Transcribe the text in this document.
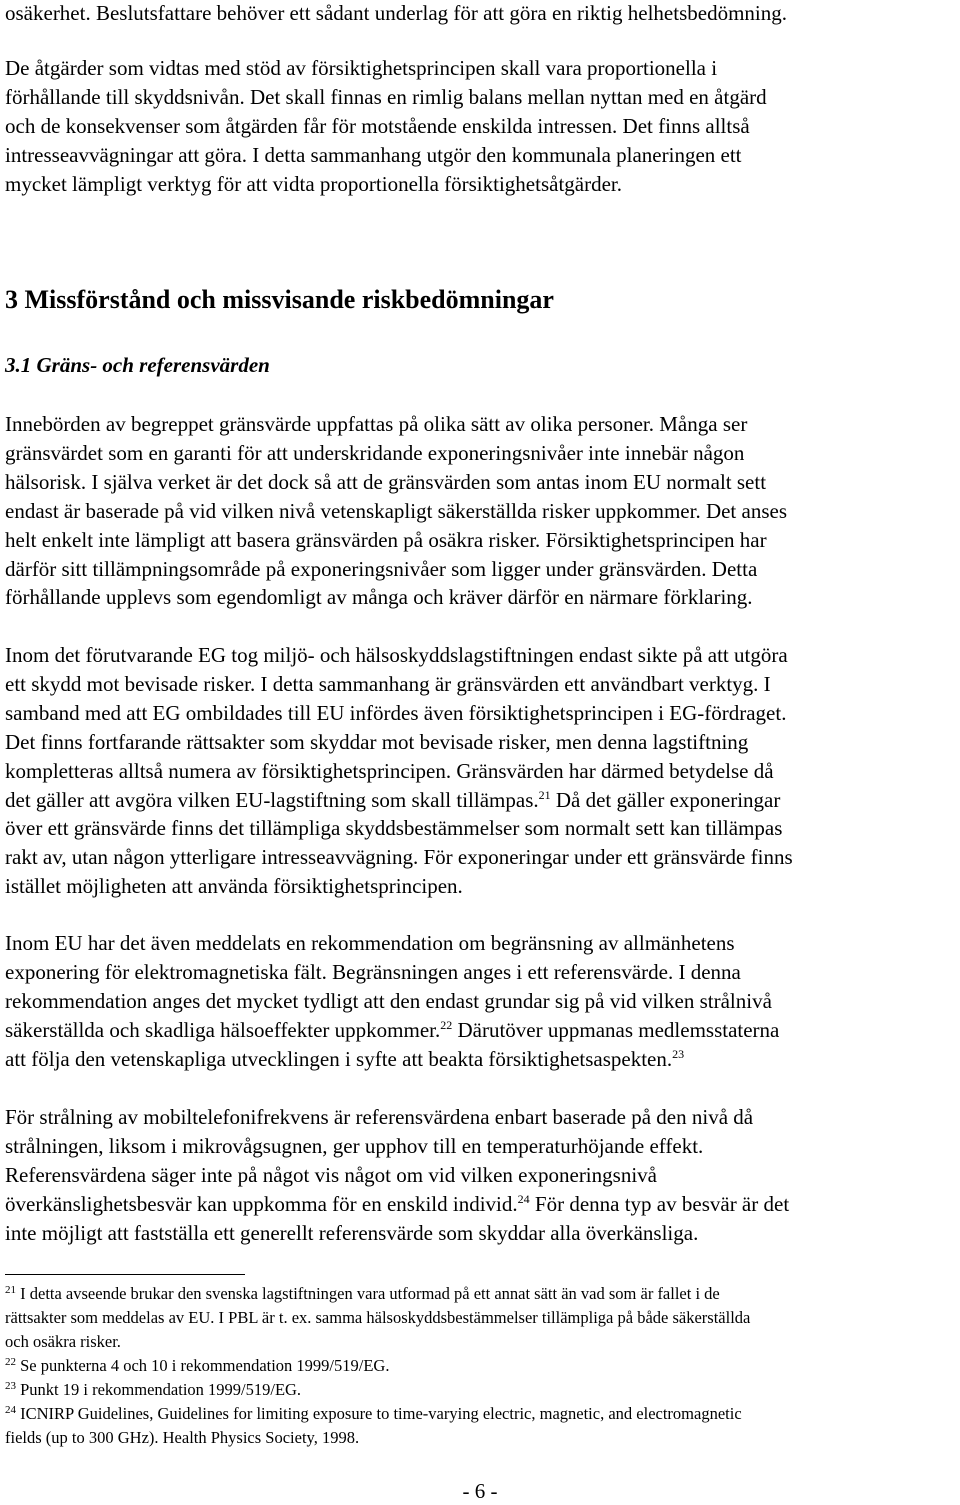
osäkerhet. Beslutsfattare behöver ett sådant underlag för att göra en riktig helhetsbedömning.

De åtgärder som vidtas med stöd av försiktighetsprincipen skall vara proportionella i
förhållande till skyddsnivån. Det skall finnas en rimlig balans mellan nyttan med en åtgärd
och de konsekvenser som åtgärden får för motstående enskilda intressen. Det finns alltså
intresseavvägningar att göra. I detta sammanhang utgör den kommunala planeringen ett
mycket lämpligt verktyg för att vidta proportionella försiktighetsåtgärder.

3 Missförstånd och missvisande riskbedömningar
3.1 Gräns- och referensvärden

Innebörden av begreppet gränsvärde uppfattas på olika sätt av olika personer. Många ser
gränsvärdet som en garanti för att underskridande exponeringsnivåer inte innebär någon
hälsorisk. I själva verket är det dock så att de gränsvärden som antas inom EU normalt sett
endast är baserade på vid vilken nivå vetenskapligt säkerställda risker uppkommer. Det anses
helt enkelt inte lämpligt att basera gränsvärden på osäkra risker. Försiktighetsprincipen har
därför sitt tillämpningsområde på exponeringsnivåer som ligger under gränsvärden. Detta
förhållande upplevs som egendomligt av många och kräver därför en närmare förklaring.

Inom det förutvarande EG tog miljö- och hälsoskyddslagstiftningen endast sikte på att utgöra
ett skydd mot bevisade risker. I detta sammanhang är gränsvärden ett användbart verktyg. I
samband med att EG ombildades till EU infördes även försiktighetsprincipen i EG-fördraget.
Det finns fortfarande rättsakter som skyddar mot bevisade risker, men denna lagstiftning
kompletteras alltså numera av försiktighetsprincipen. Gränsvärden har därmed betydelse då
det gäller att avgöra vilken EU-lagstiftning som skall tillämpas.$^{21}$ Då det gäller exponeringar
över ett gränsvärde finns det tillämpliga skyddsbestämmelser som normalt sett kan tillämpas
rakt av, utan någon ytterligare intresseavvägning. För exponeringar under ett gränsvärde finns
istället möjligheten att använda försiktighetsprincipen.

Inom EU har det även meddelats en rekommendation om begränsning av allmänhetens
exponering för elektromagnetiska fält. Begränsningen anges i ett referensvärde. I denna
rekommendation anges det mycket tydligt att den endast grundar sig på vid vilken strålnivå
säkerställda och skadliga hälsoeffekter uppkommer.$^{22}$ Därutöver uppmanas medlemsstaterna
att följa den vetenskapliga utvecklingen i syfte att beakta försiktighetsaspekten.$^{23}$

För strålning av mobiltelefonifrekvens är referensvärdena enbart baserade på den nivå då
strålningen, liksom i mikrovågsugnen, ger upphov till en temperaturhöjande effekt.
Referensvärdena säger inte på något vis något om vid vilken exponeringsnivå
överkänslighetsbesvär kan uppkomma för en enskild individ.$^{24}$ För denna typ av besvär är det
inte möjligt att fastställa ett generellt referensvärde som skyddar alla överkänsliga.

$^{21}$ I detta avseende brukar den svenska lagstiftningen vara utformad på ett annat sätt än vad som är fallet i de
rättsakter som meddelas av EU. I PBL är t. ex. samma hälsoskyddsbestämmelser tillämpliga på både säkerställda
och osäkra risker.

$^{22}$ Se punkterna 4 och 10 i rekommendation 1999/519/EG.

$^{23}$ Punkt 19 i rekommendation 1999/519/EG.

$^{24}$ ICNIRP Guidelines, Guidelines for limiting exposure to time-varying electric, magnetic, and electromagnetic
fields (up to 300 GHz). Health Physics Society, 1998.

- 6 -
